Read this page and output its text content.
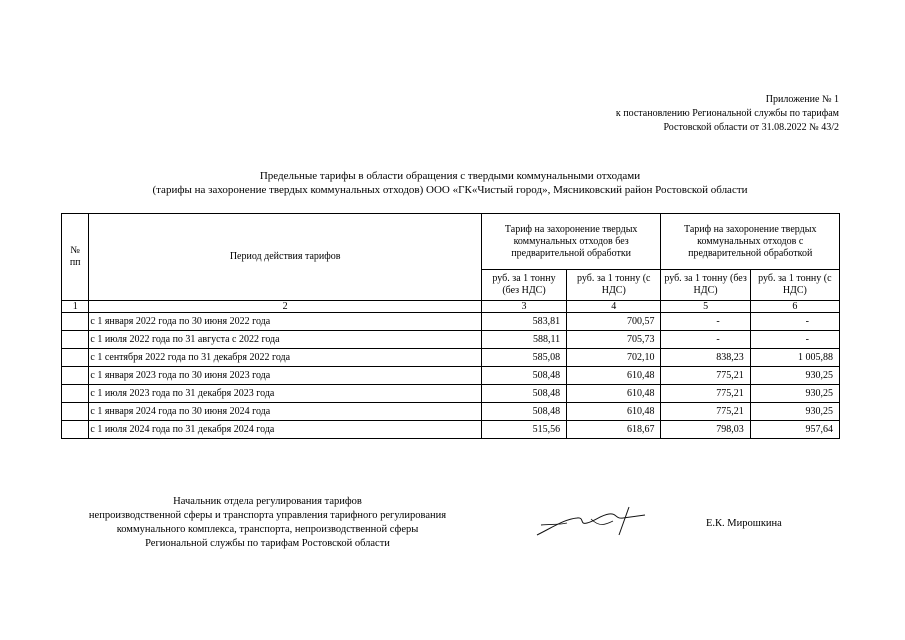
Приложение № 1
к постановлению Региональной службы по тарифам
Ростовской области от 31.08.2022 № 43/2
Предельные тарифы в области обращения с твердыми коммунальными отходами
(тарифы на захоронение твердых коммунальных отходов) ООО «ГК«Чистый город», Мясниковский район Ростовской области
№ пп	Период действия тарифов	Тариф на захоронение твердых коммунальных отходов без предварительной обработки		Тариф на захоронение твердых коммунальных отходов с предварительной обработкой	
		руб. за 1 тонну (без НДС)	руб. за 1 тонну (с НДС)	руб. за 1 тонну (без НДС)	руб. за 1 тонну (с НДС)
1	2	3	4	5	6
	с 1 января 2022 года по 30 июня 2022 года	583,81	700,57	-	-
	с 1 июля 2022 года по 31 августа с 2022 года	588,11	705,73	-	-
	с 1 сентября 2022 года по 31 декабря 2022 года	585,08	702,10	838,23	1 005,88
	с 1 января 2023 года по 30 июня 2023 года	508,48	610,48	775,21	930,25
	с 1 июля 2023 года по 31 декабря 2023 года	508,48	610,48	775,21	930,25
	с 1 января 2024 года по 30 июня 2024 года	508,48	610,48	775,21	930,25
	с 1 июля 2024 года по 31 декабря 2024 года	515,56	618,67	798,03	957,64
Начальник отдела регулирования тарифов
непроизводственной сферы и транспорта управления тарифного регулирования
коммунального комплекса, транспорта, непроизводственной сферы
Региональной службы по тарифам Ростовской области
Е.К. Мирошкина
